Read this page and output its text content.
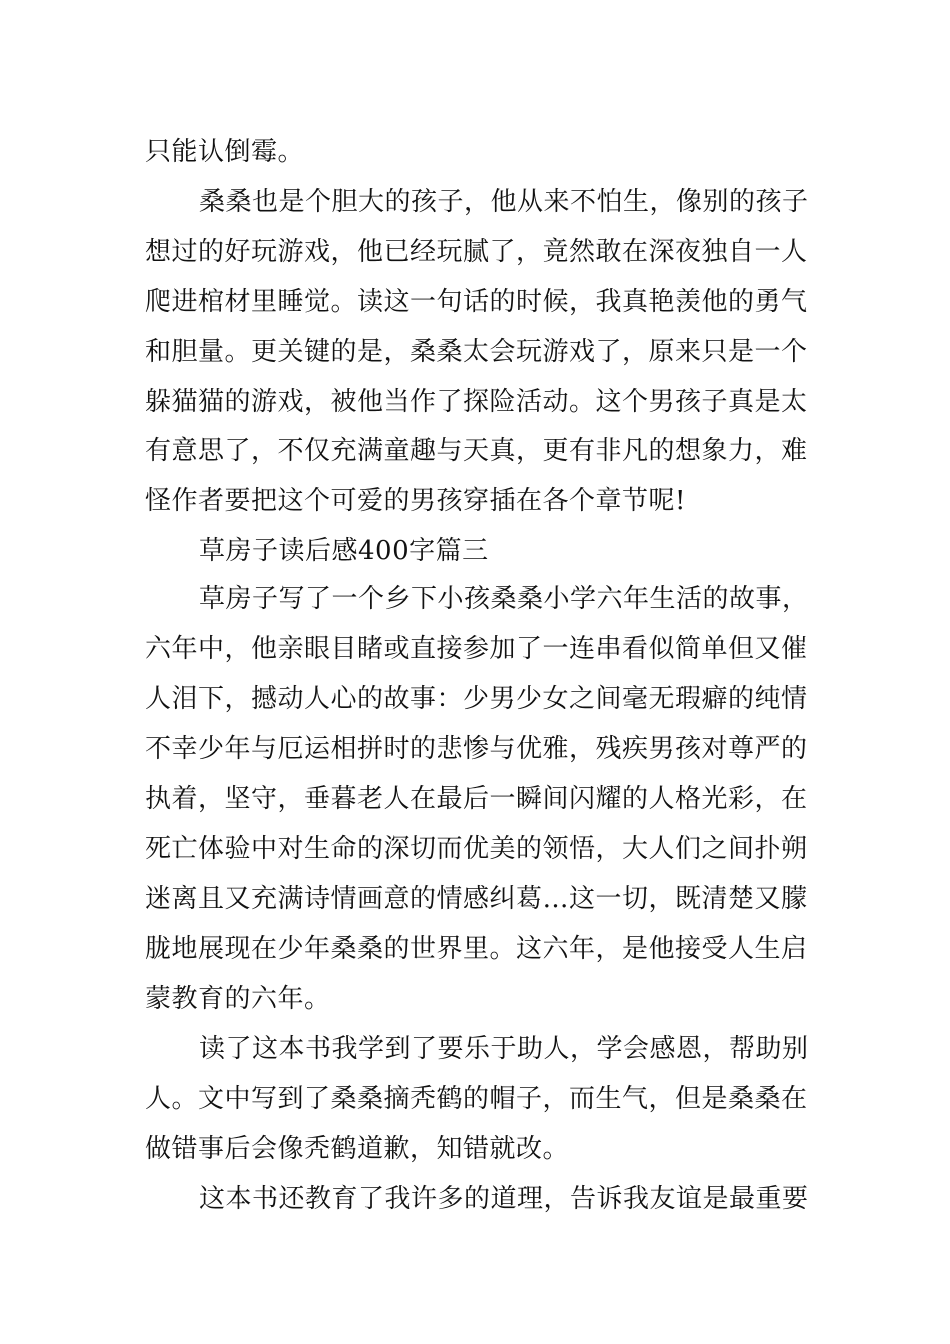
只能认倒霉。
桑桑也是个胆大的孩子，他从来不怕生，像别的孩子
想过的好玩游戏，他已经玩腻了，竟然敢在深夜独自一人
爬进棺材里睡觉。读这一句话的时候，我真艳羡他的勇气
和胆量。更关键的是，桑桑太会玩游戏了，原来只是一个
躲猫猫的游戏，被他当作了探险活动。这个男孩子真是太
有意思了，不仅充满童趣与天真，更有非凡的想象力，难
怪作者要把这个可爱的男孩穿插在各个章节呢!
草房子读后感400字篇三
草房子写了一个乡下小孩桑桑小学六年生活的故事，
六年中，他亲眼目睹或直接参加了一连串看似简单但又催
人泪下，撼动人心的故事：少男少女之间毫无瑕癖的纯情
不幸少年与厄运相拼时的悲惨与优雅，残疾男孩对尊严的
执着，坚守，垂暮老人在最后一瞬间闪耀的人格光彩，在
死亡体验中对生命的深切而优美的领悟，大人们之间扑朔
迷离且又充满诗情画意的情感纠葛…这一切，既清楚又朦
胧地展现在少年桑桑的世界里。这六年，是他接受人生启
蒙教育的六年。
读了这本书我学到了要乐于助人，学会感恩，帮助别
人。文中写到了桑桑摘秃鹤的帽子，而生气，但是桑桑在
做错事后会像秃鹤道歉，知错就改。
这本书还教育了我许多的道理，告诉我友谊是最重要
